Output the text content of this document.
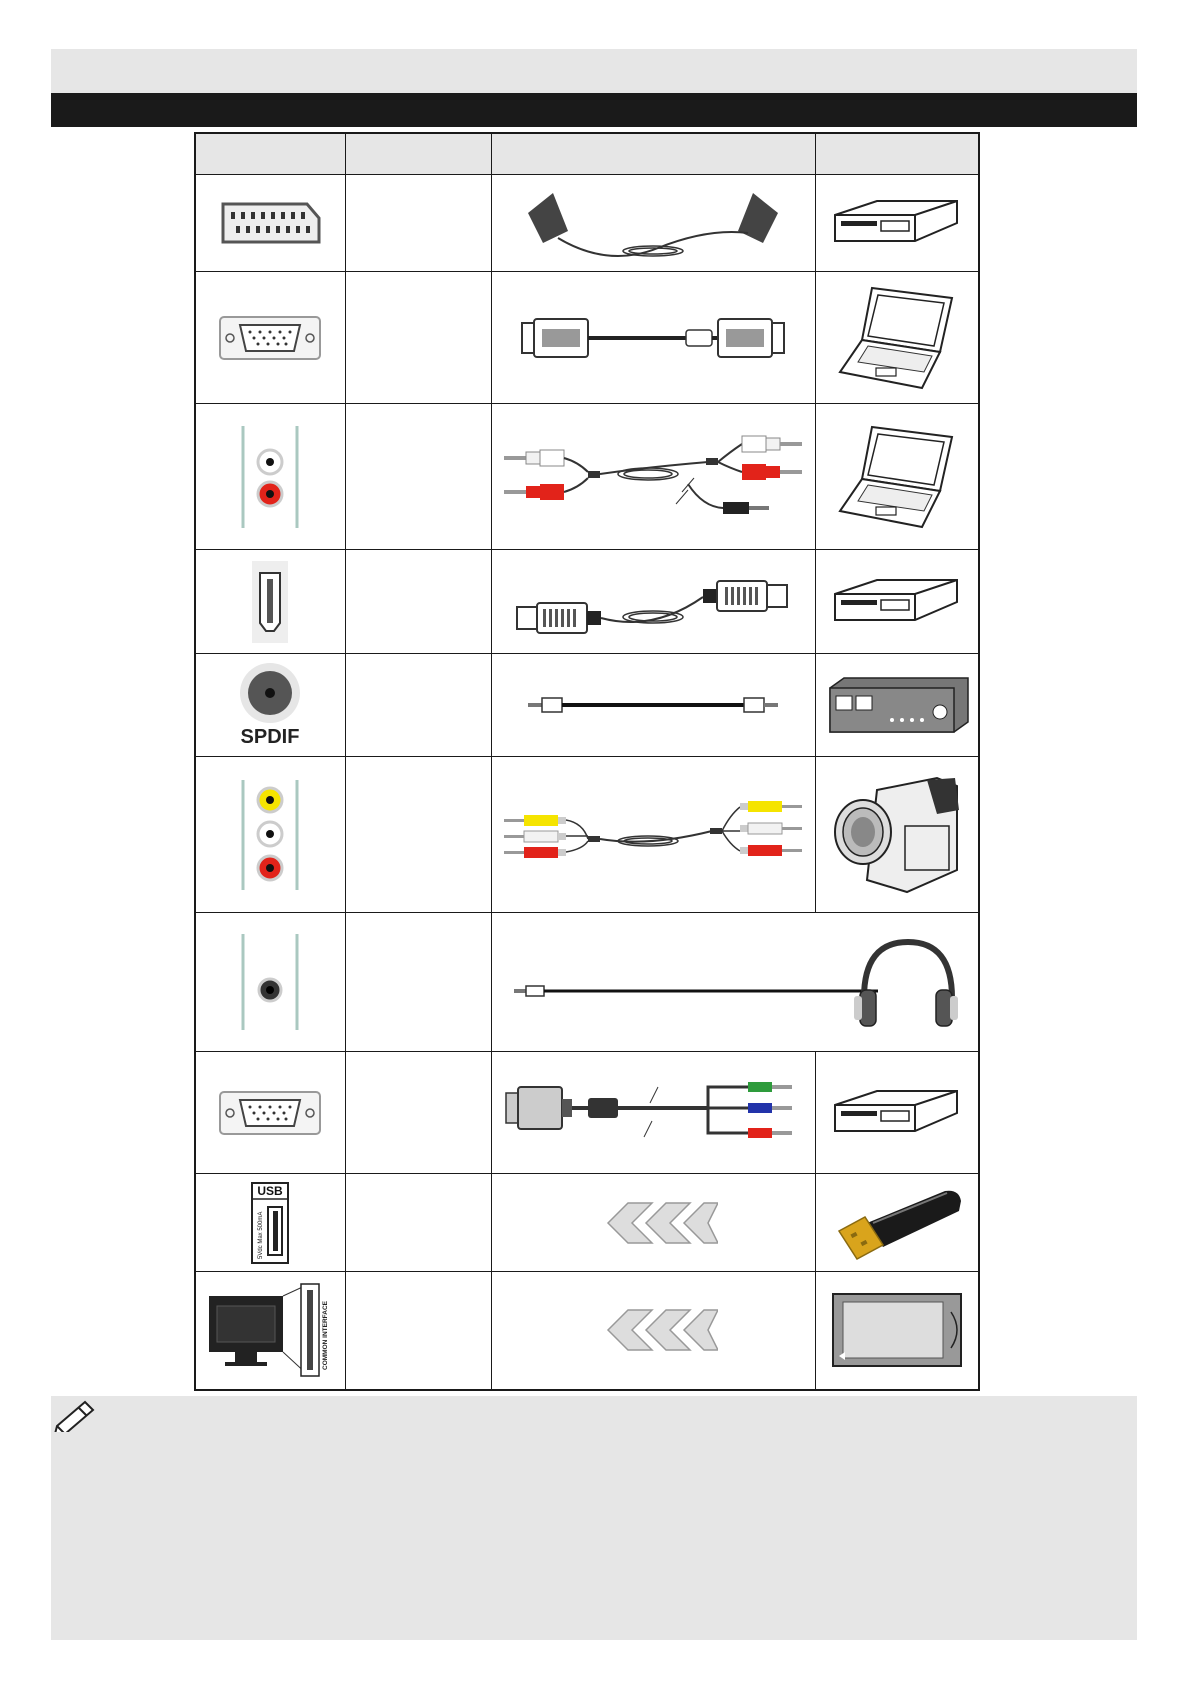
SPDIF

USB
5Vdc Max 500mA

COMMON INTERFACE
